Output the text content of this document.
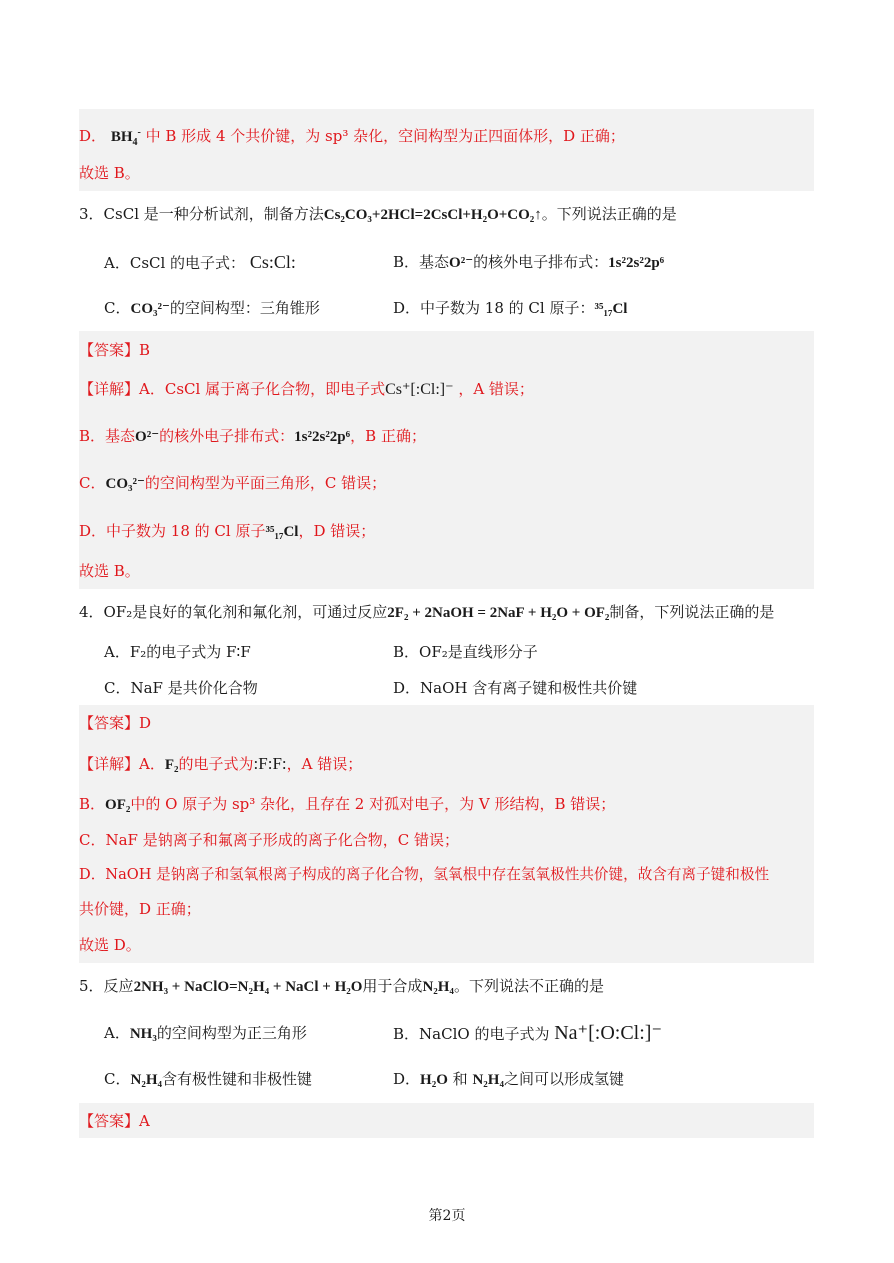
D． $BH_4^-$ 中 B 形成 4 个共价键，为 sp³ 杂化，空间构型为正四面体形，D 正确；
故选 B。
3．CsCl 是一种分析试剂，制备方法Cs₂CO₃+2HCl=2CsCl+H₂O+CO₂↑。下列说法正确的是
A．CsCl 的电子式： Cs:Cl:	B．基态O²⁻的核外电子排布式：1s²2s²2p⁶
C．CO₃²⁻的空间构型：三角锥形	D．中子数为 18 的 Cl 原子：³⁵₁₇Cl
【答案】B
【详解】A．CsCl 属于离子化合物，即电子式Cs⁺[:Cl:]⁻ ，A 错误；
B．基态O²⁻的核外电子排布式：1s²2s²2p⁶，B 正确；
C．CO₃²⁻的空间构型为平面三角形，C 错误；
D．中子数为 18 的 Cl 原子³⁵₁₇Cl，D 错误；
故选 B。
4．OF₂是良好的氧化剂和氟化剂，可通过反应2F₂ + 2NaOH = 2NaF + H₂O + OF₂制备，下列说法正确的是
A．F₂的电子式为 F∶F	B．OF₂是直线形分子
C．NaF 是共价化合物	D．NaOH 含有离子键和极性共价键
【答案】D
【详解】A．F₂的电子式为:F:F:，A 错误；
B．OF₂中的 O 原子为 sp³ 杂化，且存在 2 对孤对电子，为 V 形结构，B 错误；
C．NaF 是钠离子和氟离子形成的离子化合物，C 错误；
D．NaOH 是钠离子和氢氧根离子构成的离子化合物，氢氧根中存在氢氧极性共价键，故含有离子键和极性
共价键，D 正确；
故选 D。
5．反应2NH₃ + NaClO=N₂H₄ + NaCl + H₂O用于合成N₂H₄。下列说法不正确的是
A．NH₃的空间构型为正三角形	B．NaClO 的电子式为 Na⁺[:O:Cl:]⁻
C．N₂H₄含有极性键和非极性键	D．H₂O 和 N₂H₄之间可以形成氢键
【答案】A
第2页
